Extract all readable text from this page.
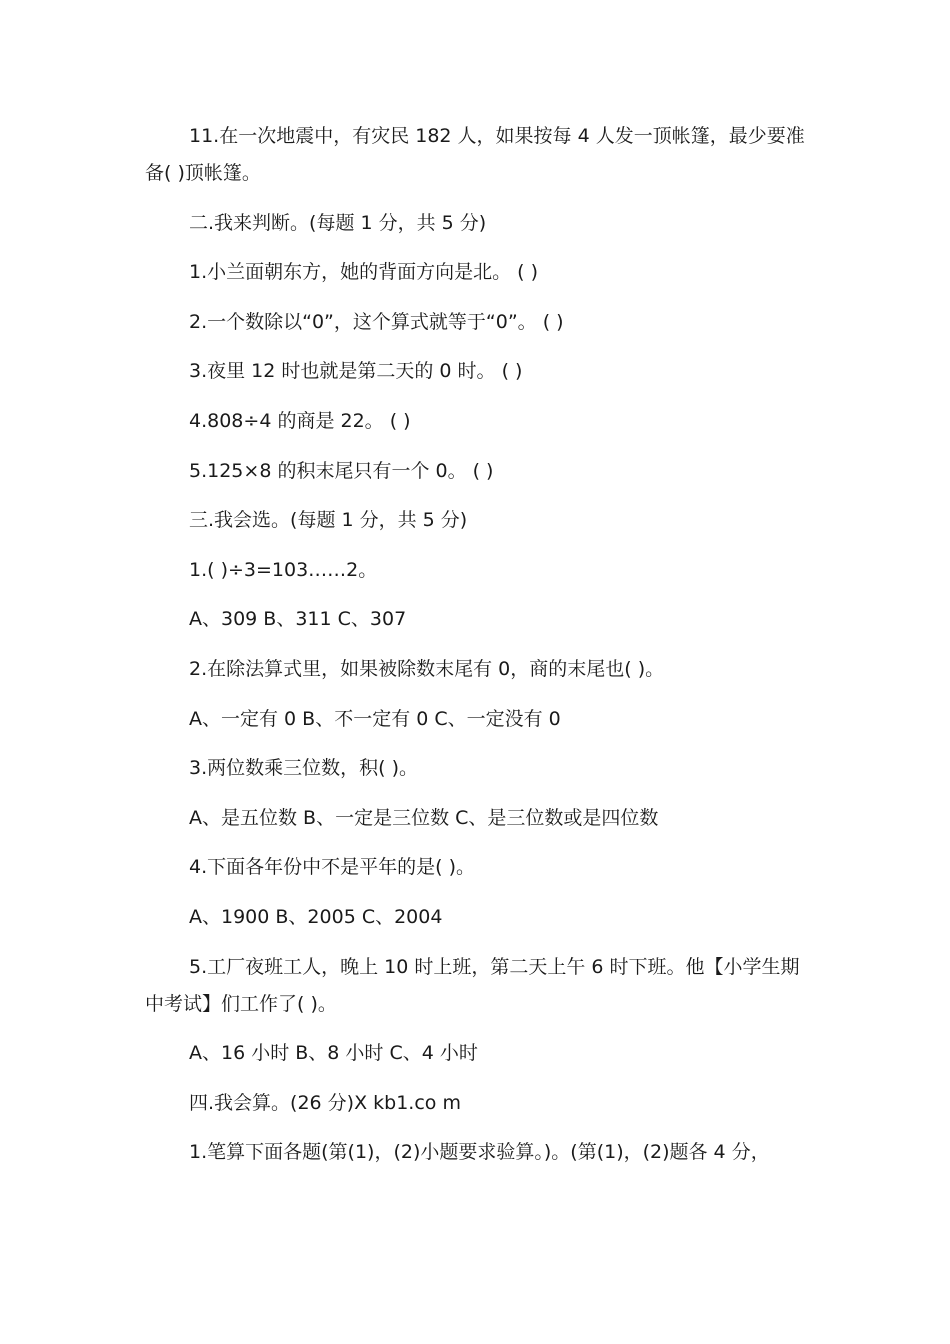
11.在一次地震中，有灾民 182 人，如果按每 4 人发一顶帐篷，最少要准备( )顶帐篷。

二.我来判断。(每题 1 分，共 5 分)

1.小兰面朝东方，她的背面方向是北。 ( )

2.一个数除以“0”，这个算式就等于“0”。 ( )

3.夜里 12 时也就是第二天的 0 时。 ( )

4.808÷4 的商是 22。 ( )

5.125×8 的积末尾只有一个 0。 ( )

三.我会选。(每题 1 分，共 5 分)

1.( )÷3=103……2。

A、309 B、311 C、307

2.在除法算式里，如果被除数末尾有 0，商的末尾也( )。

A、一定有 0 B、不一定有 0 C、一定没有 0

3.两位数乘三位数，积( )。

A、是五位数 B、一定是三位数 C、是三位数或是四位数

4.下面各年份中不是平年的是( )。

A、1900 B、2005 C、2004

5.工厂夜班工人，晚上 10 时上班，第二天上午 6 时下班。他【小学生期中考试】们工作了( )。

A、16 小时 B、8 小时 C、4 小时

四.我会算。(26 分)X kb1.co m

1.笔算下面各题(第(1)，(2)小题要求验算。)。(第(1)，(2)题各 4 分，
